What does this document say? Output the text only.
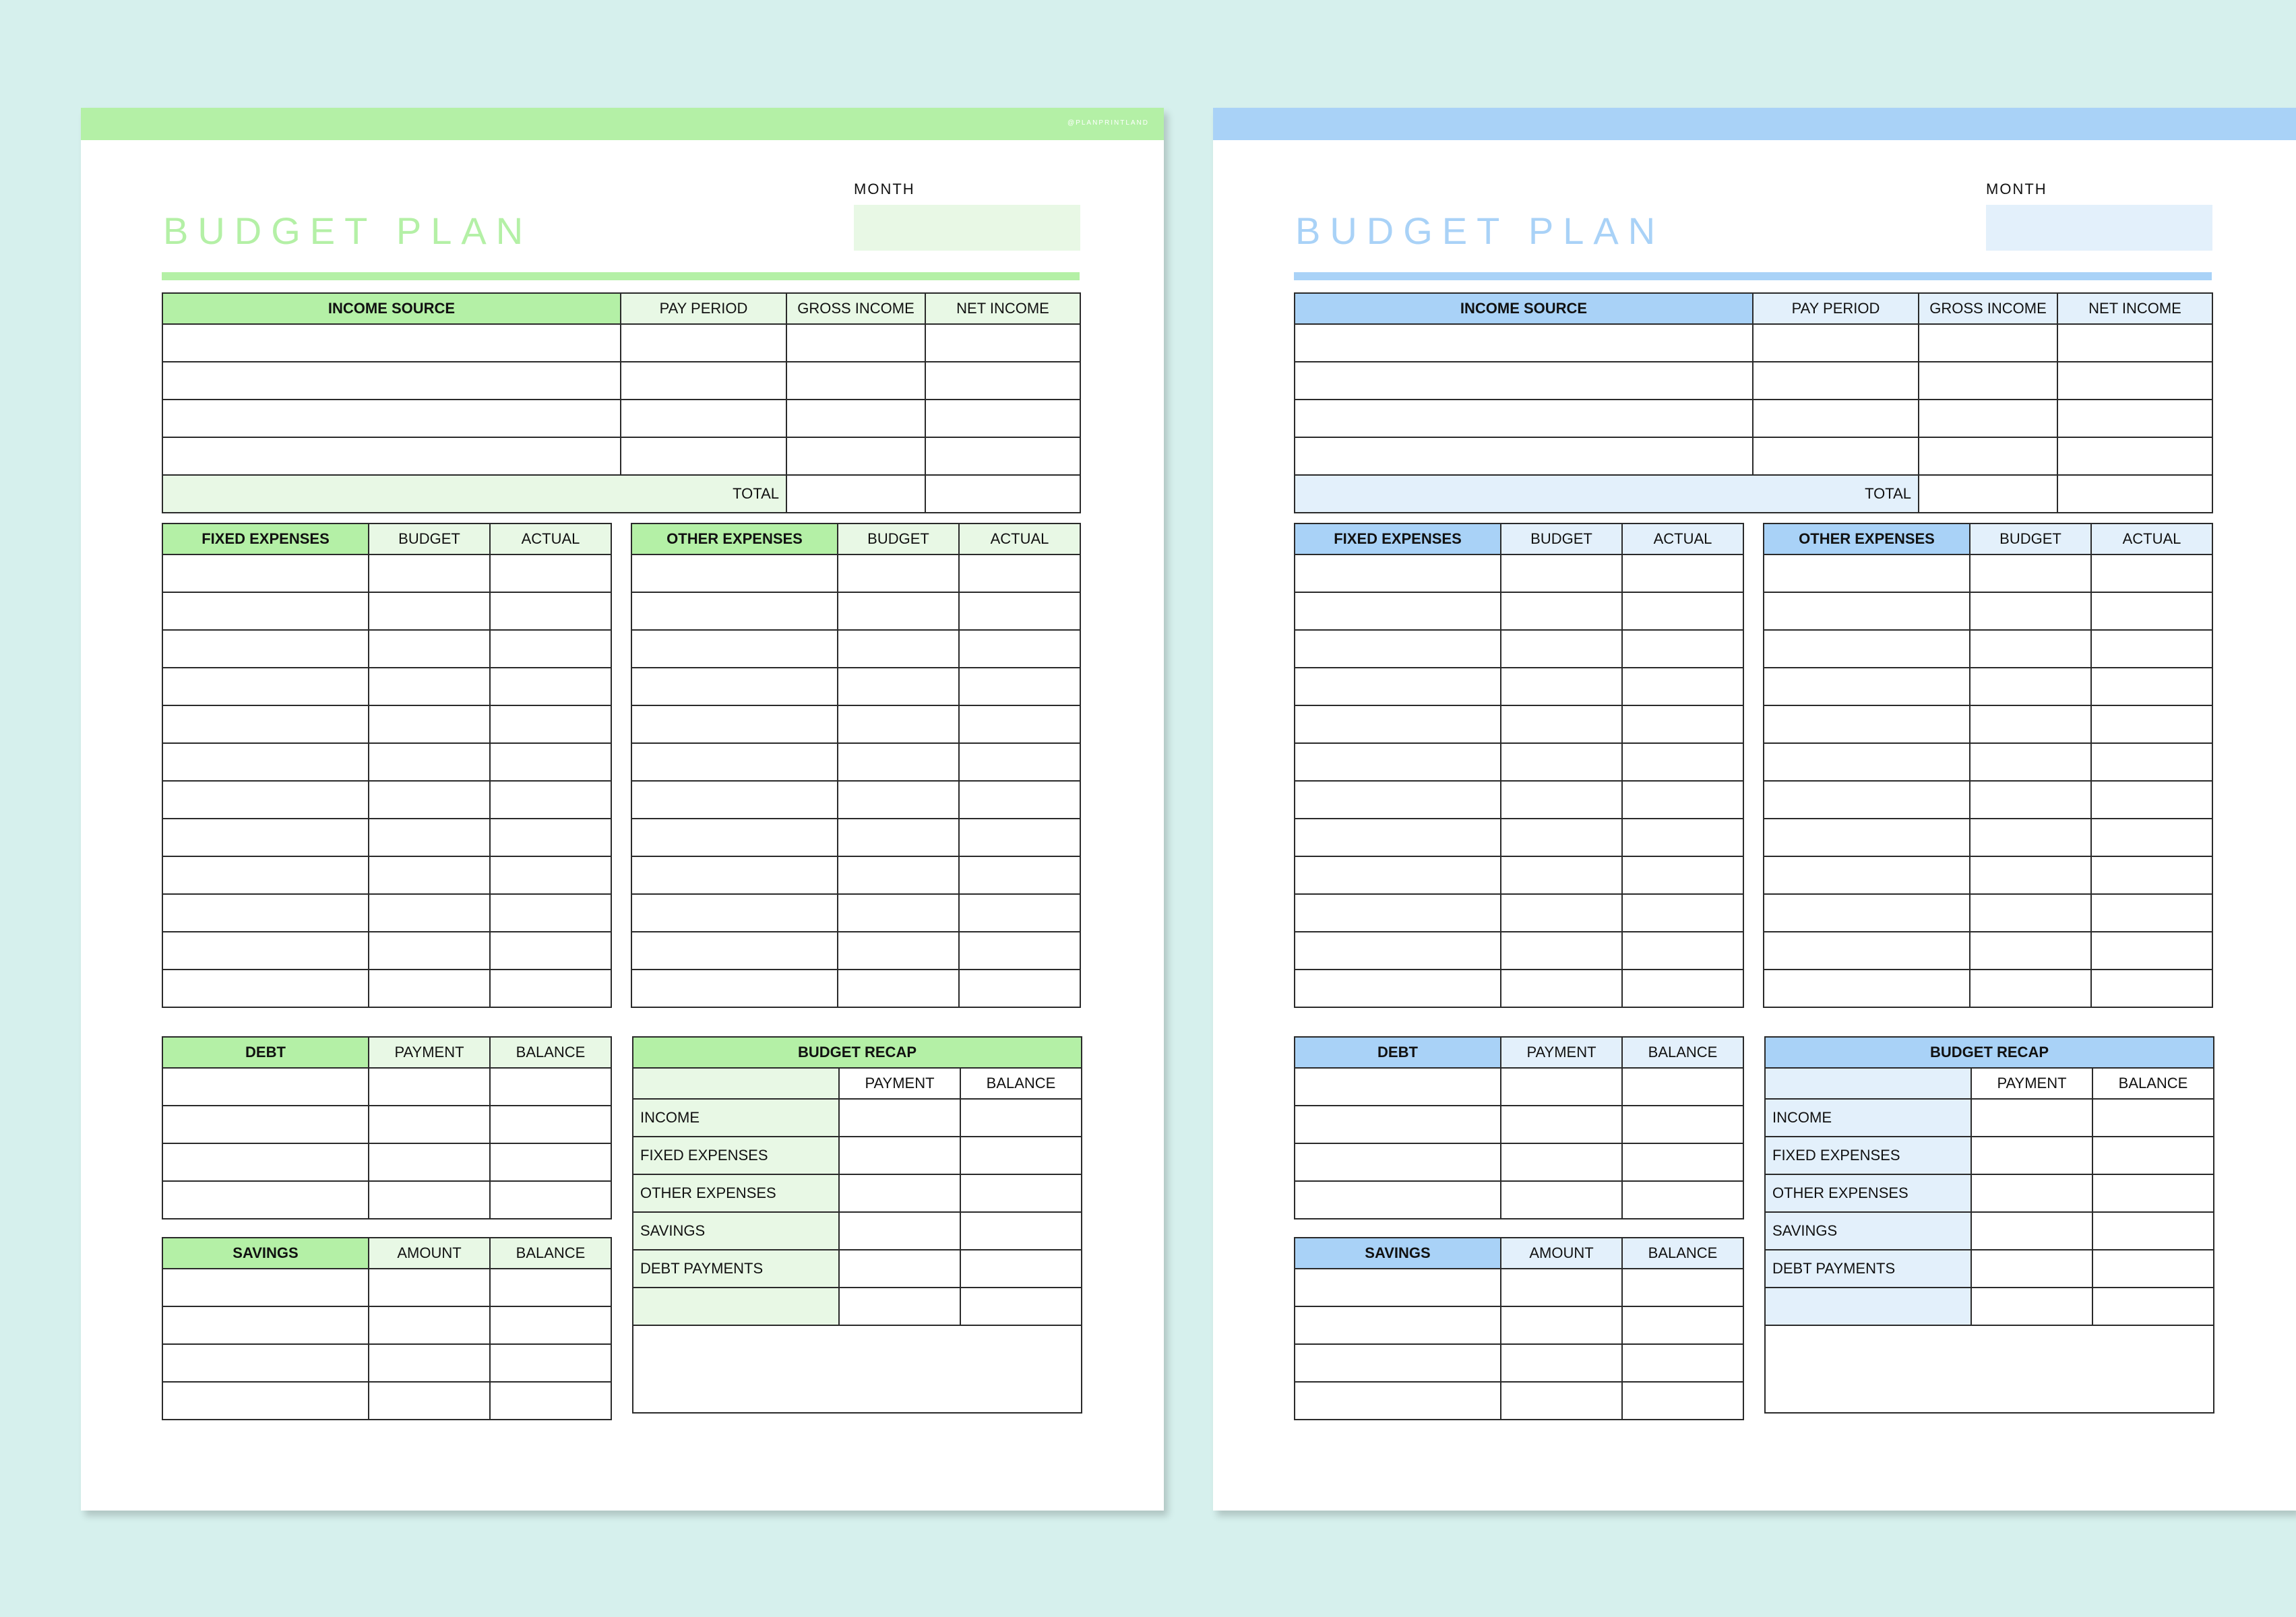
@PLANPRINTLAND
BUDGET PLAN
MONTH
INCOME SOURCE	PAY PERIOD	GROSS INCOME	NET INCOME

TOTAL			
FIXED EXPENSES	BUDGET	ACTUAL

			OTHER EXPENSES	BUDGET	ACTUAL

DEBT	PAYMENT	BALANCE

SAVINGS	AMOUNT	BALANCE

BUDGET RECAP		
	PAYMENT	BALANCE
INCOME		
FIXED EXPENSES		
OTHER EXPENSES		
SAVINGS		
DEBT PAYMENTS		

BUDGET PLAN
MONTH
INCOME SOURCE	PAY PERIOD	GROSS INCOME	NET INCOME

TOTAL			
FIXED EXPENSES	BUDGET	ACTUAL

			OTHER EXPENSES	BUDGET	ACTUAL

DEBT	PAYMENT	BALANCE

SAVINGS	AMOUNT	BALANCE

BUDGET RECAP		
	PAYMENT	BALANCE
INCOME		
FIXED EXPENSES		
OTHER EXPENSES		
SAVINGS		
DEBT PAYMENTS		
